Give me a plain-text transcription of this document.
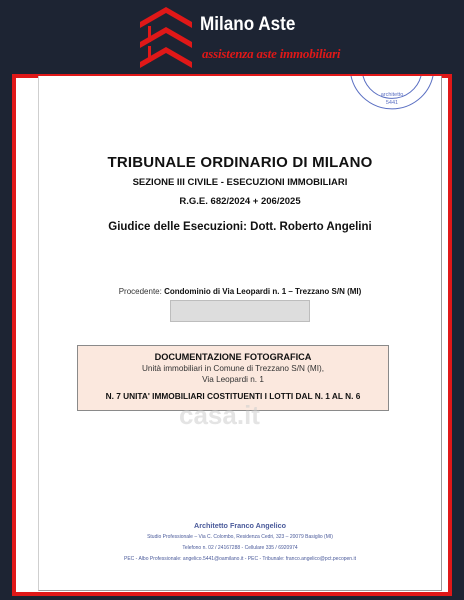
Milano Aste
assistenza aste immobiliari
architetto
5441
TRIBUNALE ORDINARIO DI MILANO
SEZIONE III CIVILE - ESECUZIONI IMMOBILIARI
R.G.E. 682/2024 + 206/2025
Giudice delle Esecuzioni: Dott. Roberto Angelini
Procedente: Condominio di Via Leopardi n. 1 – Trezzano S/N (MI)
DOCUMENTAZIONE FOTOGRAFICA
Unità immobiliari in Comune di Trezzano S/N (MI),
Via Leopardi n. 1
N. 7 UNITA' IMMOBILIARI COSTITUENTI I LOTTI DAL N. 1 AL N. 6
casa.it
Architetto Franco Angelico
Studio Professionale – Via C. Colombo, Residenza Cedri, 323 – 20079 Basiglio (MI)
Telefono n. 02 / 24167288 - Cellulare 335 / 6920974
PEC - Albo Professionale: angelico.5441@oamilano.it - PEC - Tribunale: franco.angelico@pct.pecopen.it
